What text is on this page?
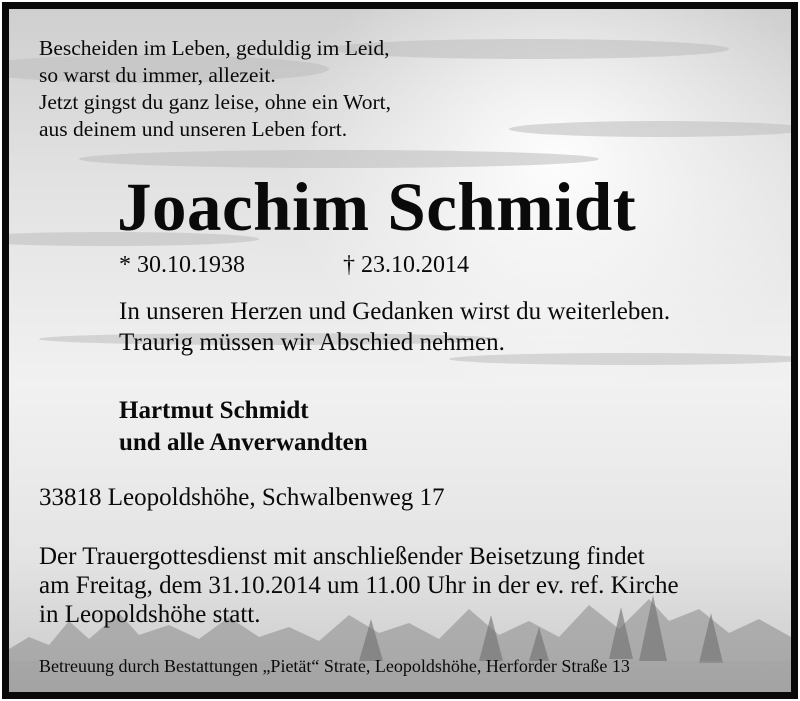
Bescheiden im Leben, geduldig im Leid,
so warst du immer, allezeit.
Jetzt gingst du ganz leise, ohne ein Wort,
aus deinem und unseren Leben fort.
Joachim Schmidt
* 30.10.1938	† 23.10.2014
In unseren Herzen und Gedanken wirst du weiterleben.
Traurig müssen wir Abschied nehmen.
Hartmut Schmidt
und alle Anverwandten
33818 Leopoldshöhe, Schwalbenweg 17
Der Trauergottesdienst mit anschließender Beisetzung findet
am Freitag, dem 31.10.2014 um 11.00 Uhr in der ev. ref. Kirche
in Leopoldshöhe statt.
Betreuung durch Bestattungen „Pietät“ Strate, Leopoldshöhe, Herforder Straße 13
